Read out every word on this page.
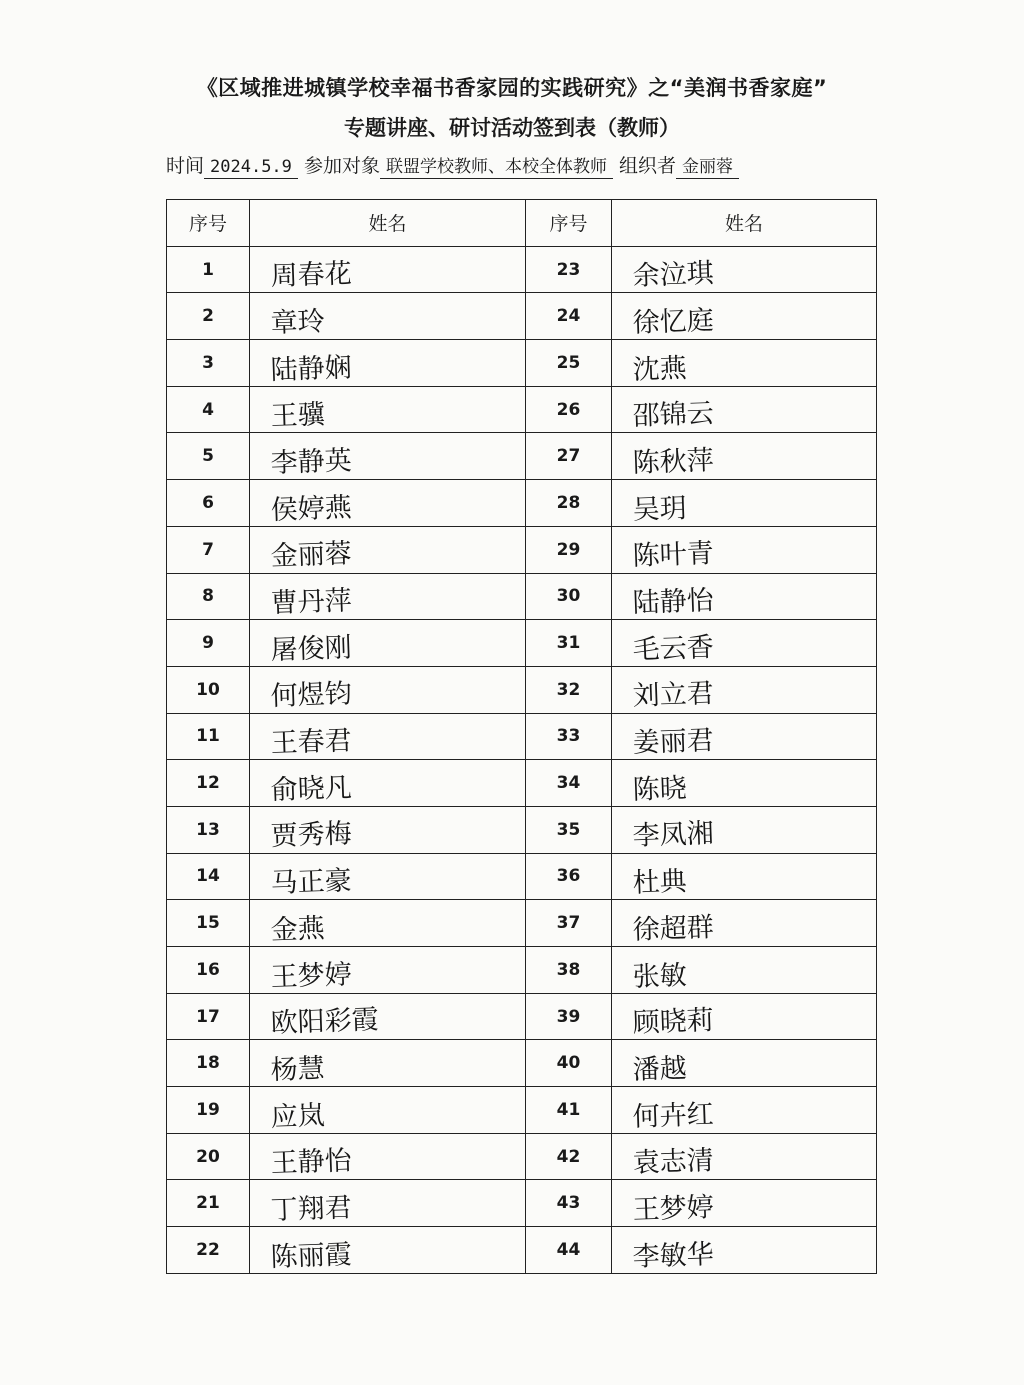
《区域推进城镇学校幸福书香家园的实践研究》之“美润书香家庭”
专题讲座、研讨活动签到表（教师）
时间 2024.5.9 参加对象 联盟学校教师、本校全体教师 组织者 金丽蓉
序号	姓名	序号	姓名
1	周春花	23	余泣琪
2	章玲	24	徐忆庭
3	陆静娴	25	沈燕
4	王骥	26	邵锦云
5	李静英	27	陈秋萍
6	侯婷燕	28	吴玥
7	金丽蓉	29	陈叶青
8	曹丹萍	30	陆静怡
9	屠俊刚	31	毛云香
10	何煜钧	32	刘立君
11	王春君	33	姜丽君
12	俞晓凡	34	陈晓
13	贾秀梅	35	李凤湘
14	马正豪	36	杜典
15	金燕	37	徐超群
16	王梦婷	38	张敏
17	欧阳彩霞	39	顾晓莉
18	杨慧	40	潘越
19	应岚	41	何卉红
20	王静怡	42	袁志清
21	丁翔君	43	王梦婷
22	陈丽霞	44	李敏华
